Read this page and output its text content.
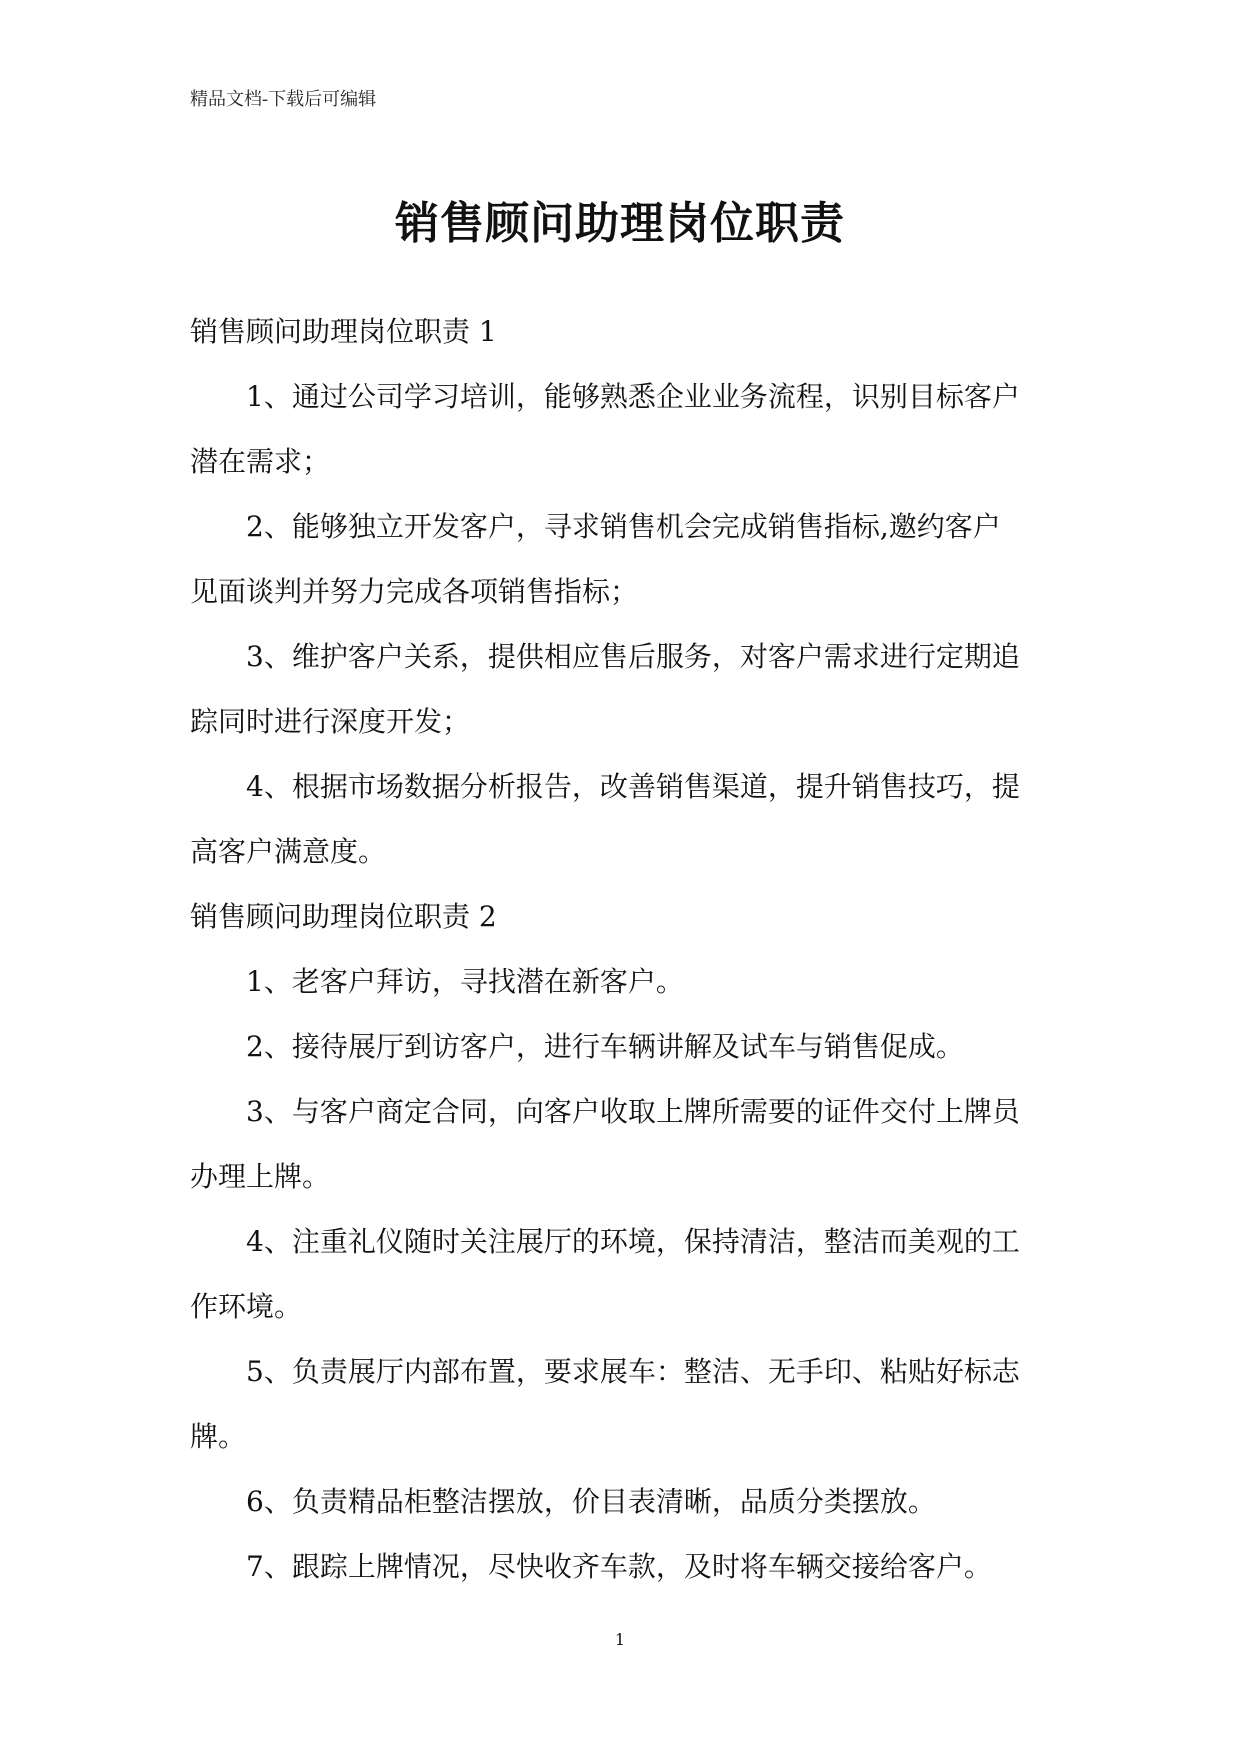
精品文档-下载后可编辑
销售顾问助理岗位职责
销售顾问助理岗位职责 1
1、通过公司学习培训，能够熟悉企业业务流程，识别目标客户
潜在需求；
2、能够独立开发客户，寻求销售机会完成销售指标,邀约客户
见面谈判并努力完成各项销售指标；
3、维护客户关系，提供相应售后服务，对客户需求进行定期追
踪同时进行深度开发；
4、根据市场数据分析报告，改善销售渠道，提升销售技巧，提
高客户满意度。
销售顾问助理岗位职责 2
1、老客户拜访，寻找潜在新客户。
2、接待展厅到访客户，进行车辆讲解及试车与销售促成。
3、与客户商定合同，向客户收取上牌所需要的证件交付上牌员
办理上牌。
4、注重礼仪随时关注展厅的环境，保持清洁，整洁而美观的工
作环境。
5、负责展厅内部布置，要求展车：整洁、无手印、粘贴好标志
牌。
6、负责精品柜整洁摆放，价目表清晰，品质分类摆放。
7、跟踪上牌情况，尽快收齐车款，及时将车辆交接给客户。
1
